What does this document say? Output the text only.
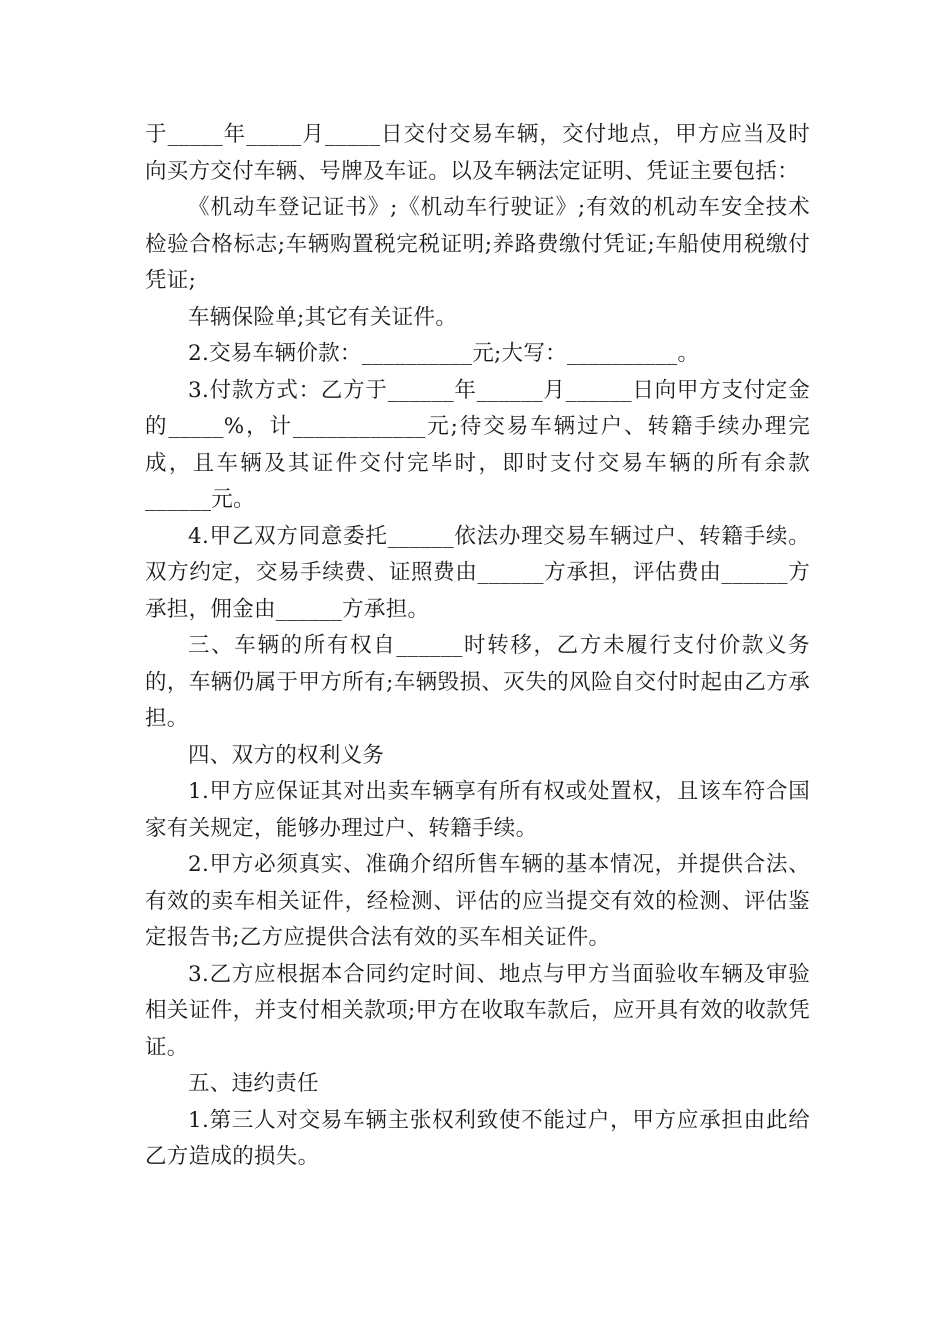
于_____年_____月_____日交付交易车辆，交付地点，甲方应当及时向买方交付车辆、号牌及车证。以及车辆法定证明、凭证主要包括：

《机动车登记证书》;《机动车行驶证》;有效的机动车安全技术检验合格标志;车辆购置税完税证明;养路费缴付凭证;车船使用税缴付凭证;

车辆保险单;其它有关证件。

2.交易车辆价款：__________元;大写：__________。

3.付款方式：乙方于______年______月______日向甲方支付定金的_____%，计____________元;待交易车辆过户、转籍手续办理完成，且车辆及其证件交付完毕时，即时支付交易车辆的所有余款______元。

4.甲乙双方同意委托______依法办理交易车辆过户、转籍手续。双方约定，交易手续费、证照费由______方承担，评估费由______方承担，佣金由______方承担。

三、车辆的所有权自______时转移，乙方未履行支付价款义务的，车辆仍属于甲方所有;车辆毁损、灭失的风险自交付时起由乙方承担。

四、双方的权利义务

1.甲方应保证其对出卖车辆享有所有权或处置权，且该车符合国家有关规定，能够办理过户、转籍手续。

2.甲方必须真实、准确介绍所售车辆的基本情况，并提供合法、有效的卖车相关证件，经检测、评估的应当提交有效的检测、评估鉴定报告书;乙方应提供合法有效的买车相关证件。

3.乙方应根据本合同约定时间、地点与甲方当面验收车辆及审验相关证件，并支付相关款项;甲方在收取车款后，应开具有效的收款凭证。

五、违约责任

1.第三人对交易车辆主张权利致使不能过户，甲方应承担由此给乙方造成的损失。
